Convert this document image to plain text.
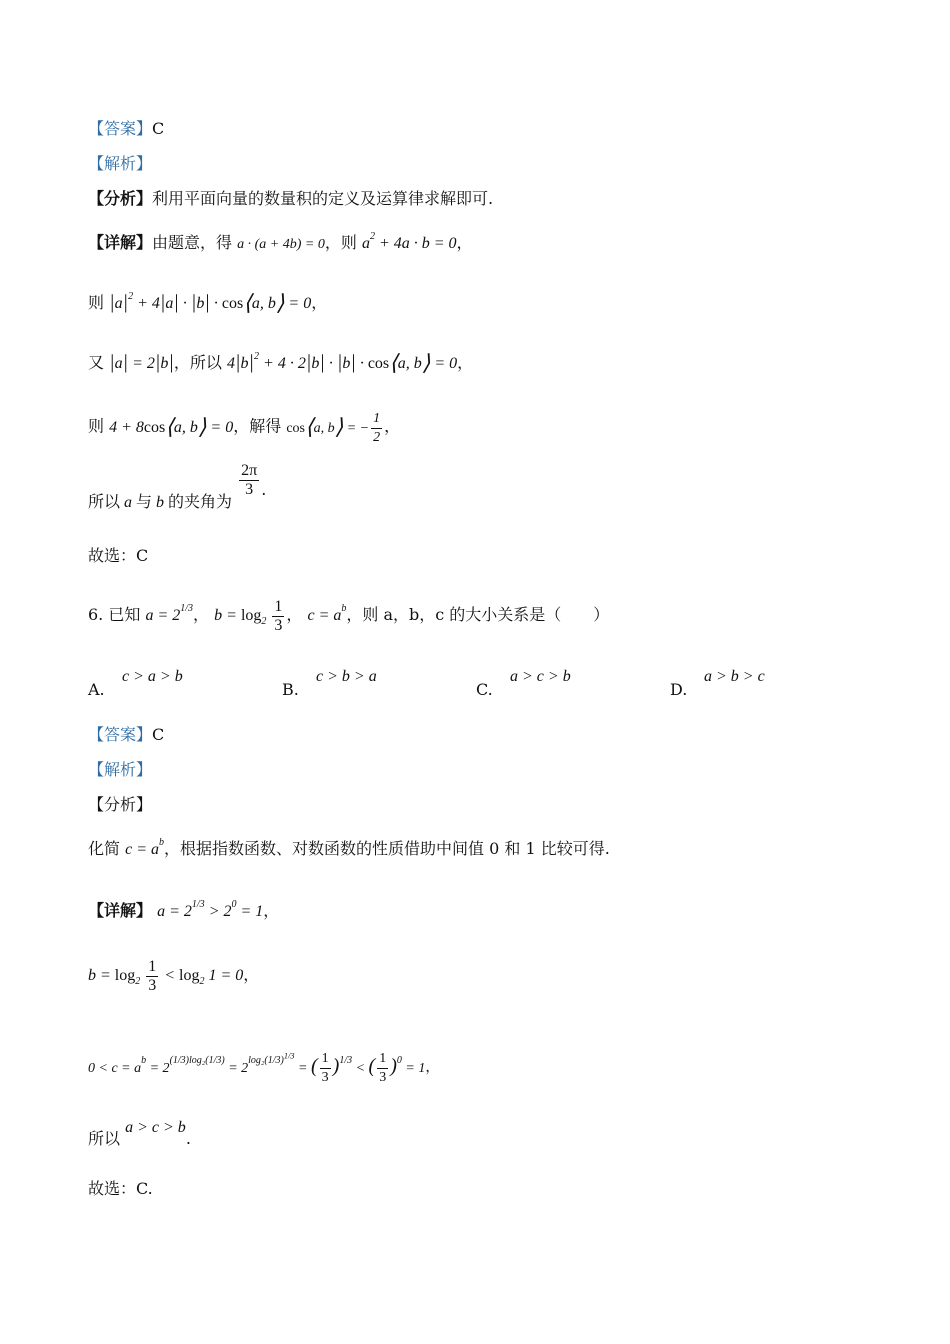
【答案】C
【解析】
【分析】利用平面向量的数量积的定义及运算律求解即可.
【详解】由题意，得 a · (a + 4b) = 0，则 $a^2 + 4a \cdot b = 0$，
则 $|a|^2 + 4|a| \cdot |b|$ · cos⟨a, b⟩ = 0，
又 |a| = 2|b|，所以 $4|b|^2 + 4 \cdot 2|b| \cdot |b|$ · cos⟨a, b⟩ = 0，
则 4 + 8cos⟨a, b⟩ = 0，解得 cos⟨a, b⟩ = − $\frac{1}{2}$ ，
所以 a 与 b 的夹角为
$\frac{2\pi}{3}$ .
故选：C
6. 已知 $a = 2^{1/3}$， $b = \log_2 \frac{1}{3}$ ， $c = a^b$，则 a，b，c 的大小关系是（　　）
A.
c > a > b
B.
c > b > a
C.
a > c > b
D.
a > b > c
【答案】C
【解析】
【分析】
化简 $c = a^b$，根据指数函数、对数函数的性质借助中间值 0 和 1 比较可得.
【详解】 $a = 2^{1/3} > 2^0 = 1$，
$b = \log_2 \frac{1}{3} < \log_2 1 = 0$，
$0 < c = a^b = 2^{(1/3)log_2(1/3)} = 2^{log_2(1/3)^{1/3}}$ = ( $\frac{1}{3} )^{1/3}$ < ( $\frac{1}{3} )^0 = 1$，
所以 a > c > b.
故选：C.
